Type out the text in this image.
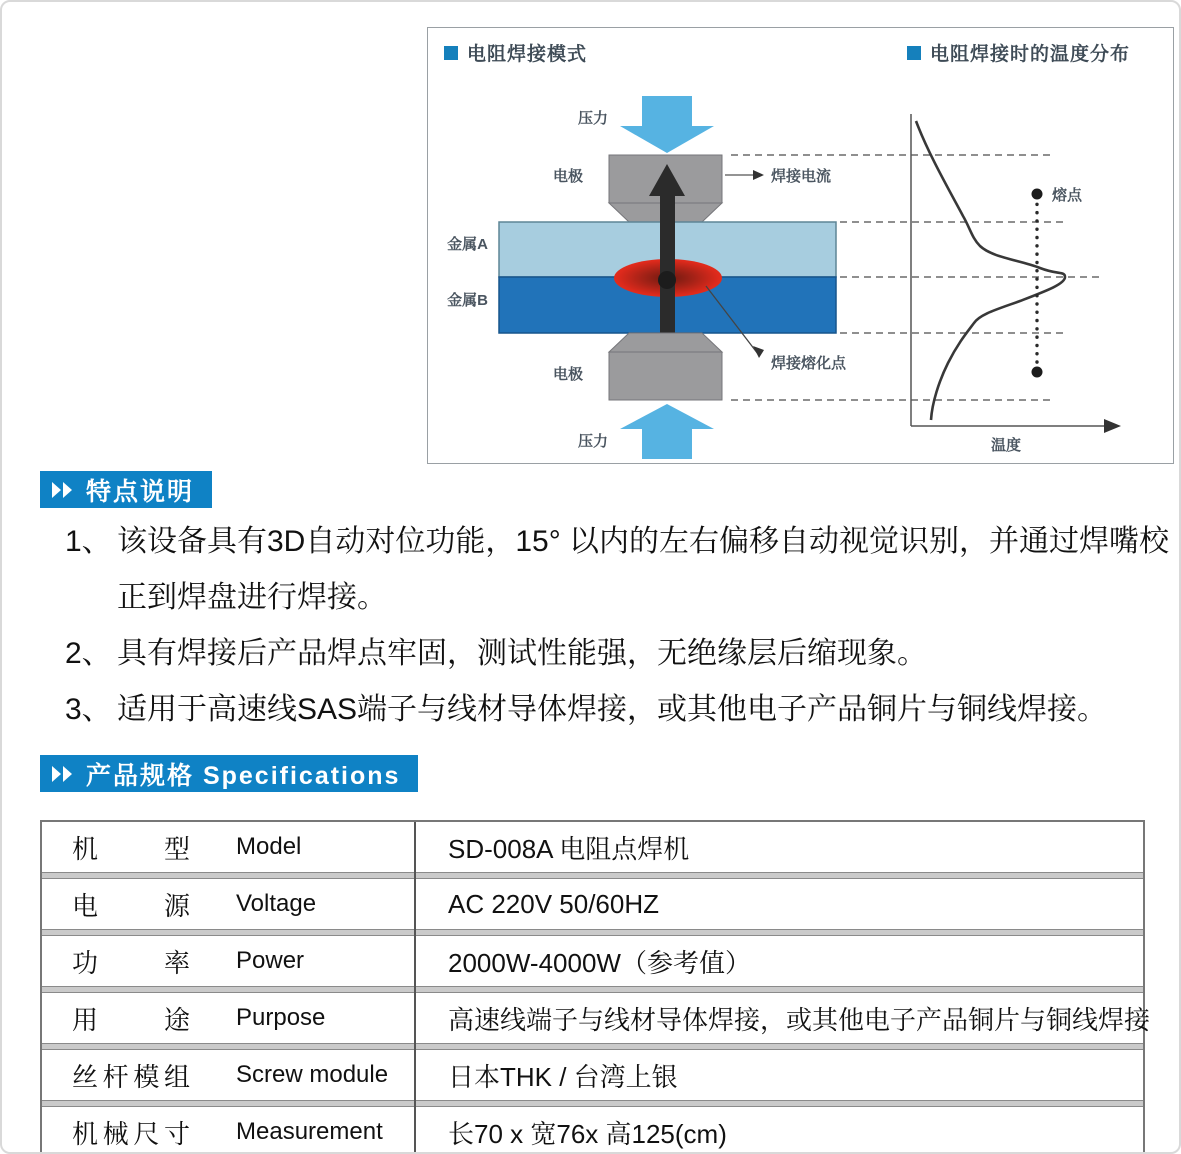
电阻焊接模式	电阻焊接时的温度分布
压力
电极	焊接电流
金属A
金属B
焊接熔化点
电极
压力
熔点
温度
特点说明
1、 该设备具有3D自动对位功能，15° 以内的左右偏移自动视觉识别，并通过焊嘴校正到焊盘进行焊接。
2、 具有焊接后产品焊点牢固，测试性能强，无绝缘层后缩现象。
3、 适用于高速线SAS端子与线材导体焊接，或其他电子产品铜片与铜线焊接。
产品规格 Specifications
机型 Model	SD-008A 电阻点焊机
电源 Voltage	AC 220V 50/60HZ
功率 Power	2000W-4000W（参考值）
用途 Purpose	高速线端子与线材导体焊接，或其他电子产品铜片与铜线焊接
丝杆模组 Screw module	日本THK / 台湾上银
机械尺寸 Measurement	长70 x 宽76x 高125(cm)
